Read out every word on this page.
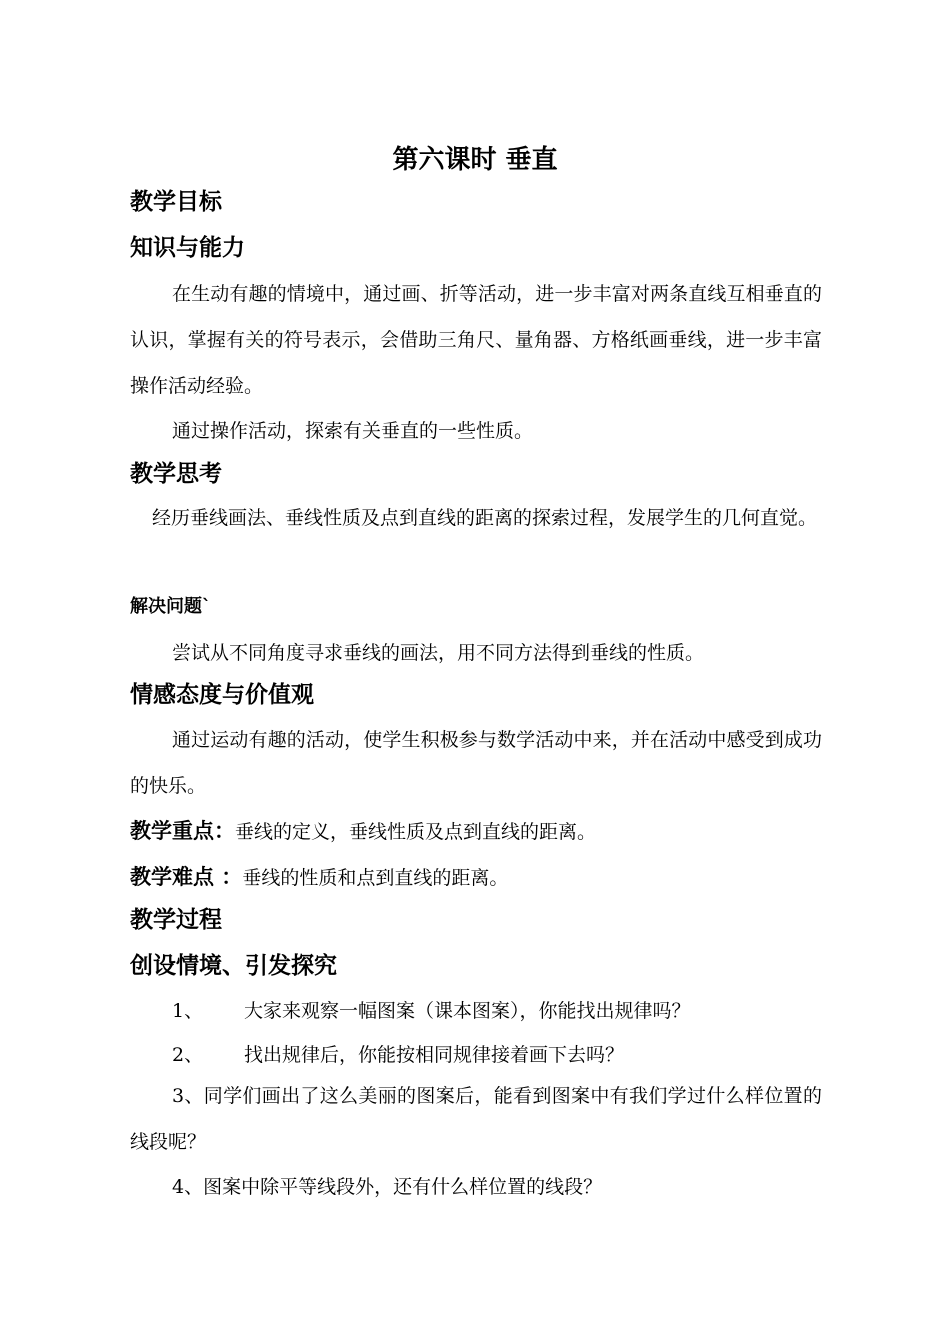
第六课时 垂直
教学目标
知识与能力
在生动有趣的情境中，通过画、折等活动，进一步丰富对两条直线互相垂直的认识，掌握有关的符号表示，会借助三角尺、量角器、方格纸画垂线，进一步丰富操作活动经验。
通过操作活动，探索有关垂直的一些性质。
教学思考
经历垂线画法、垂线性质及点到直线的距离的探索过程，发展学生的几何直觉。
解决问题`
尝试从不同角度寻求垂线的画法，用不同方法得到垂线的性质。
情感态度与价值观
通过运动有趣的活动，使学生积极参与数学活动中来，并在活动中感受到成功的快乐。
教学重点：垂线的定义，垂线性质及点到直线的距离。
教学难点 ：垂线的性质和点到直线的距离。
教学过程
创设情境、引发探究
1、 大家来观察一幅图案（课本图案），你能找出规律吗？
2、 找出规律后，你能按相同规律接着画下去吗？
3、同学们画出了这么美丽的图案后，能看到图案中有我们学过什么样位置的线段呢？
4、图案中除平等线段外，还有什么样位置的线段？
